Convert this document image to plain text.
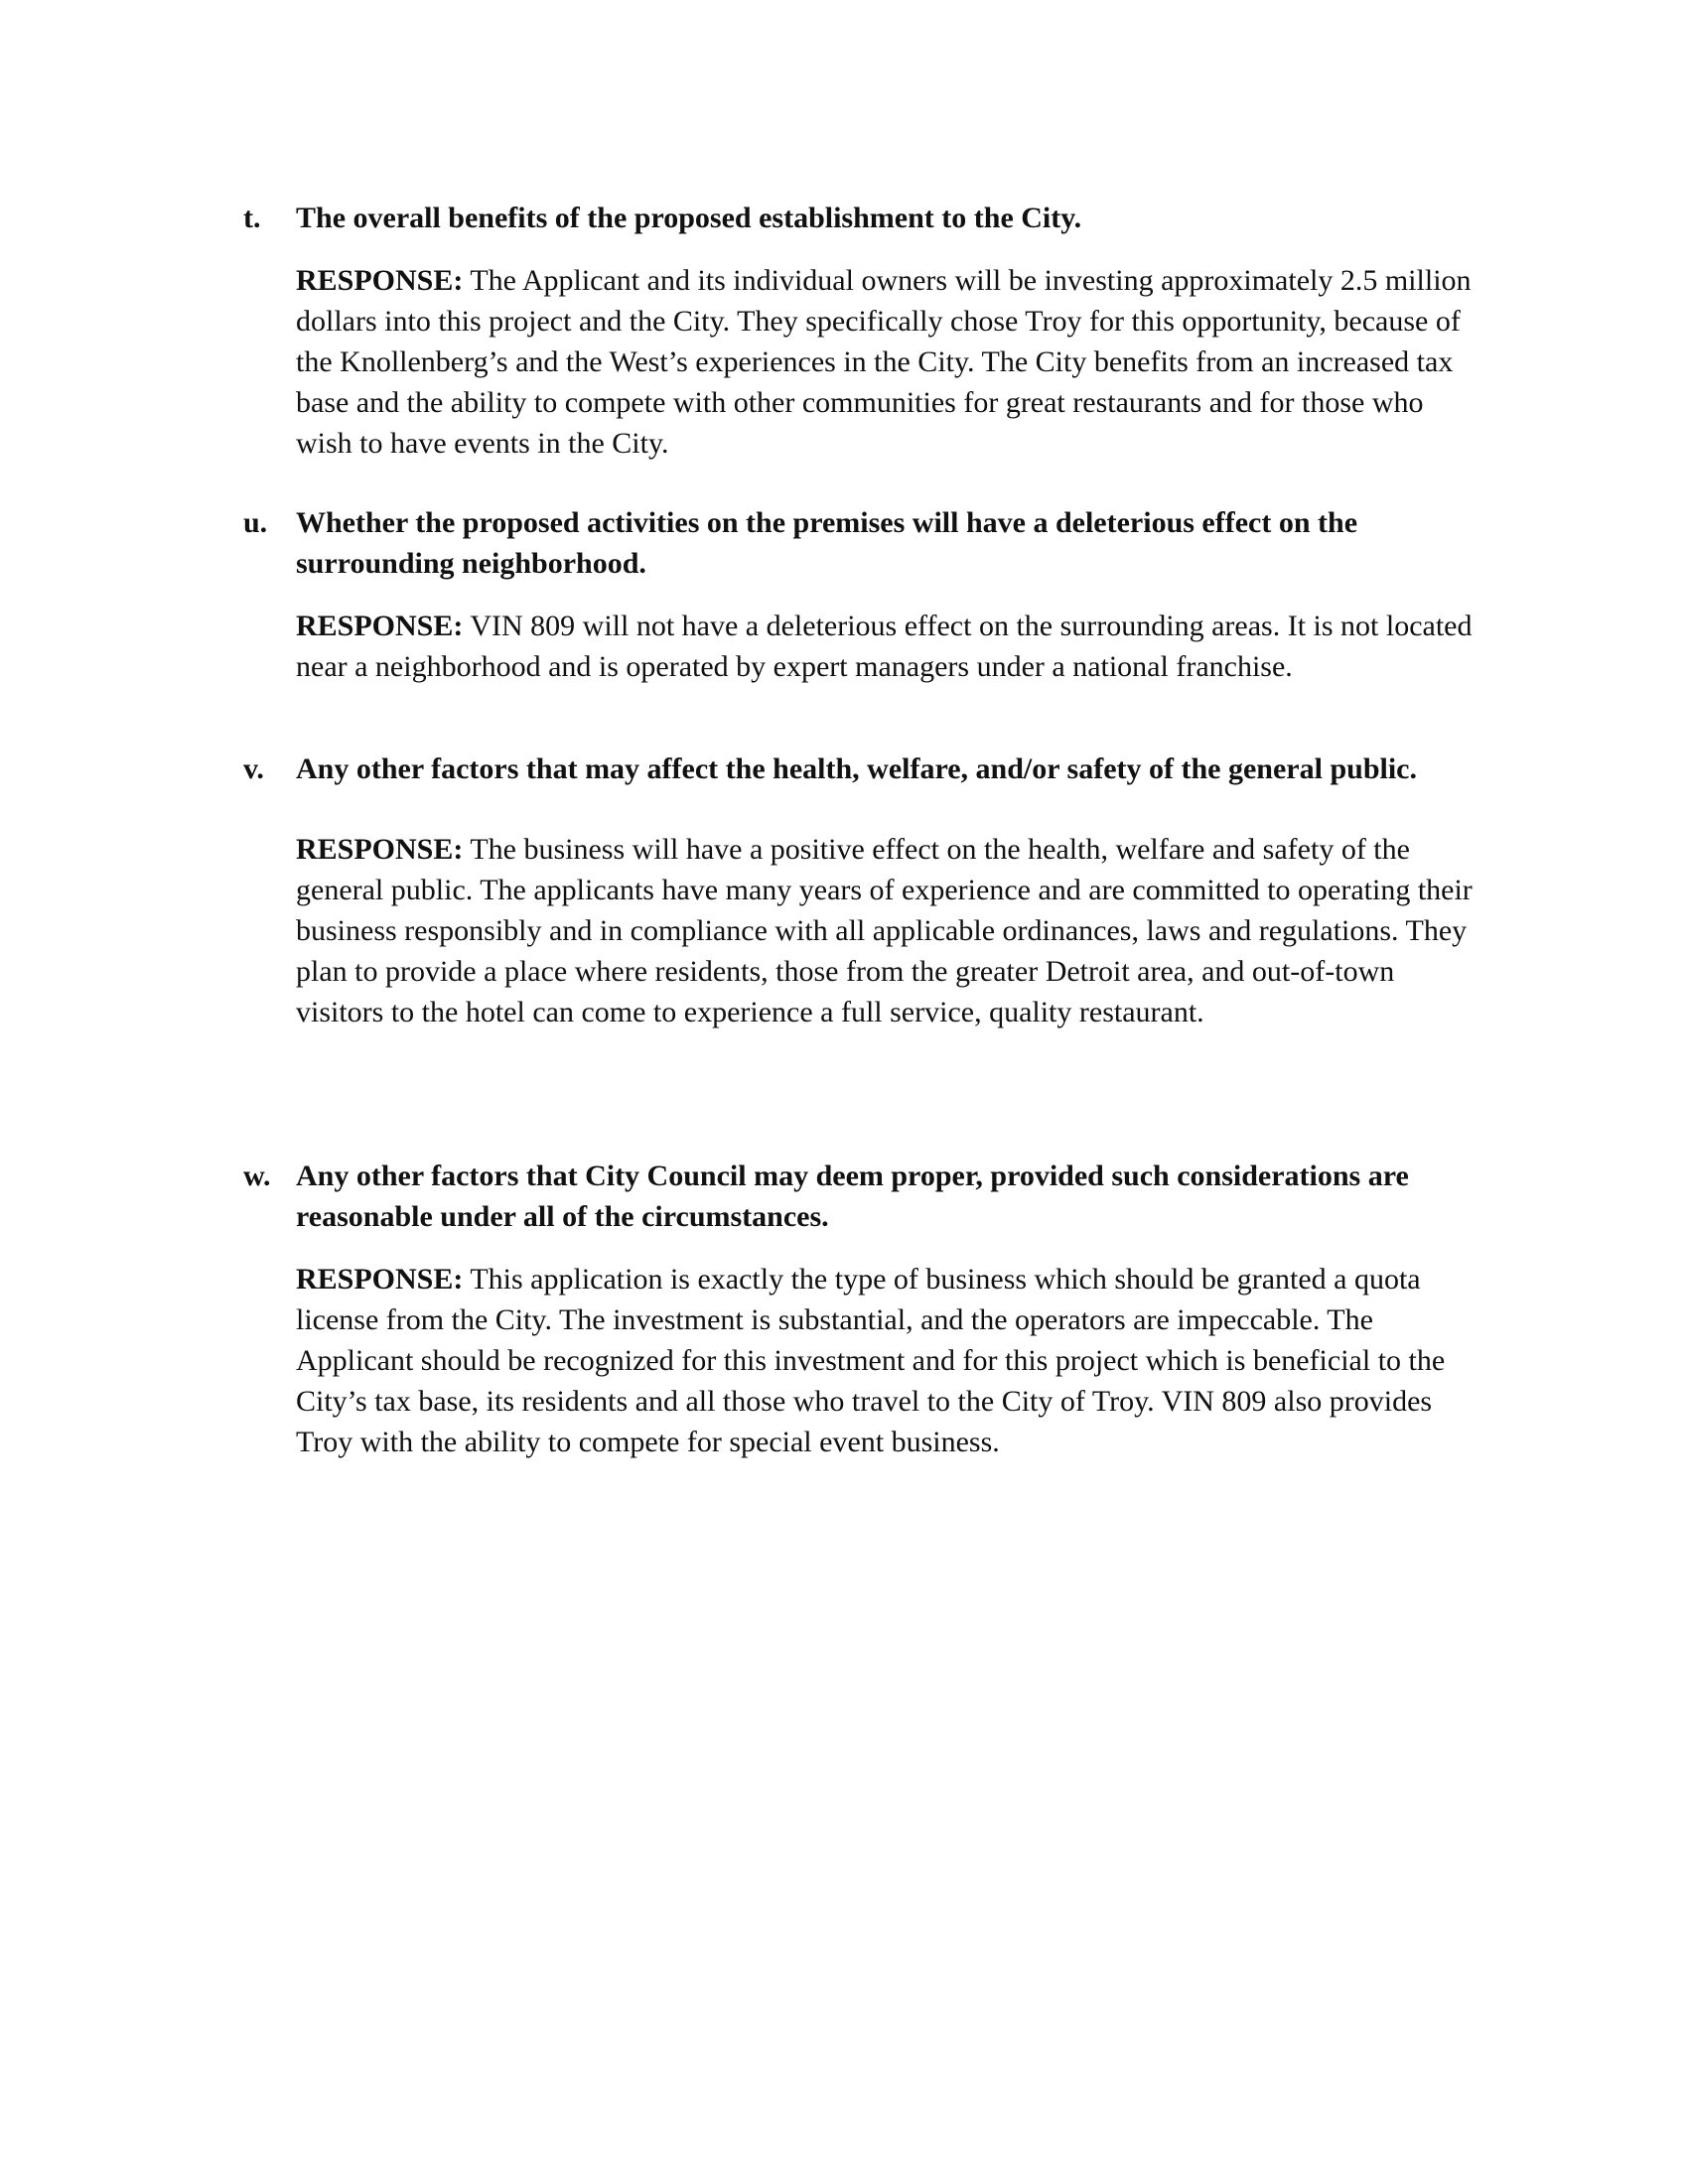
t. The overall benefits of the proposed establishment to the City.
RESPONSE: The Applicant and its individual owners will be investing approximately 2.5 million dollars into this project and the City. They specifically chose Troy for this opportunity, because of the Knollenberg’s and the West’s experiences in the City. The City benefits from an increased tax base and the ability to compete with other communities for great restaurants and for those who wish to have events in the City.
u. Whether the proposed activities on the premises will have a deleterious effect on the surrounding neighborhood.
RESPONSE: VIN 809 will not have a deleterious effect on the surrounding areas. It is not located near a neighborhood and is operated by expert managers under a national franchise.
v. Any other factors that may affect the health, welfare, and/or safety of the general public.
RESPONSE: The business will have a positive effect on the health, welfare and safety of the general public. The applicants have many years of experience and are committed to operating their business responsibly and in compliance with all applicable ordinances, laws and regulations. They plan to provide a place where residents, those from the greater Detroit area, and out-of-town visitors to the hotel can come to experience a full service, quality restaurant.
w. Any other factors that City Council may deem proper, provided such considerations are reasonable under all of the circumstances.
RESPONSE: This application is exactly the type of business which should be granted a quota license from the City. The investment is substantial, and the operators are impeccable. The Applicant should be recognized for this investment and for this project which is beneficial to the City’s tax base, its residents and all those who travel to the City of Troy. VIN 809 also provides Troy with the ability to compete for special event business.
